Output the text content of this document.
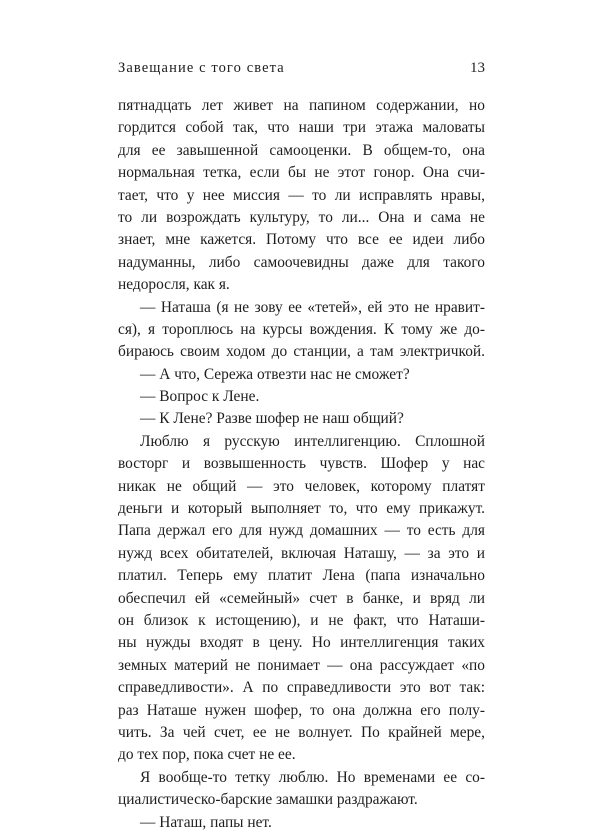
Завещание с того света	13
пятнадцать лет живет на папином содержании, но
гордится собой так, что наши три этажа маловаты
для ее завышенной самооценки. В общем-то, она
нормальная тетка, если бы не этот гонор. Она счи-
тает, что у нее миссия — то ли исправлять нравы,
то ли возрождать культуру, то ли... Она и сама не
знает, мне кажется. Потому что все ее идеи либо
надуманны, либо самоочевидны даже для такого
недоросля, как я.
— Наташа (я не зову ее «тетей», ей это не нравит-
ся), я тороплюсь на курсы вождения. К тому же до-
бираюсь своим ходом до станции, а там электричкой.
— А что, Сережа отвезти нас не сможет?
— Вопрос к Лене.
— К Лене? Разве шофер не наш общий?
Люблю я русскую интеллигенцию. Сплошной
восторг и возвышенность чувств. Шофер у нас
никак не общий — это человек, которому платят
деньги и который выполняет то, что ему прикажут.
Папа держал его для нужд домашних — то есть для
нужд всех обитателей, включая Наташу, — за это и
платил. Теперь ему платит Лена (папа изначально
обеспечил ей «семейный» счет в банке, и вряд ли
он близок к истощению), и не факт, что Наташи-
ны нужды входят в цену. Но интеллигенция таких
земных материй не понимает — она рассуждает «по
справедливости». А по справедливости это вот так:
раз Наташе нужен шофер, то она должна его полу-
чить. За чей счет, ее не волнует. По крайней мере,
до тех пор, пока счет не ее.
Я вообще-то тетку люблю. Но временами ее со-
циалистическо-барские замашки раздражают.
— Наташ, папы нет.
